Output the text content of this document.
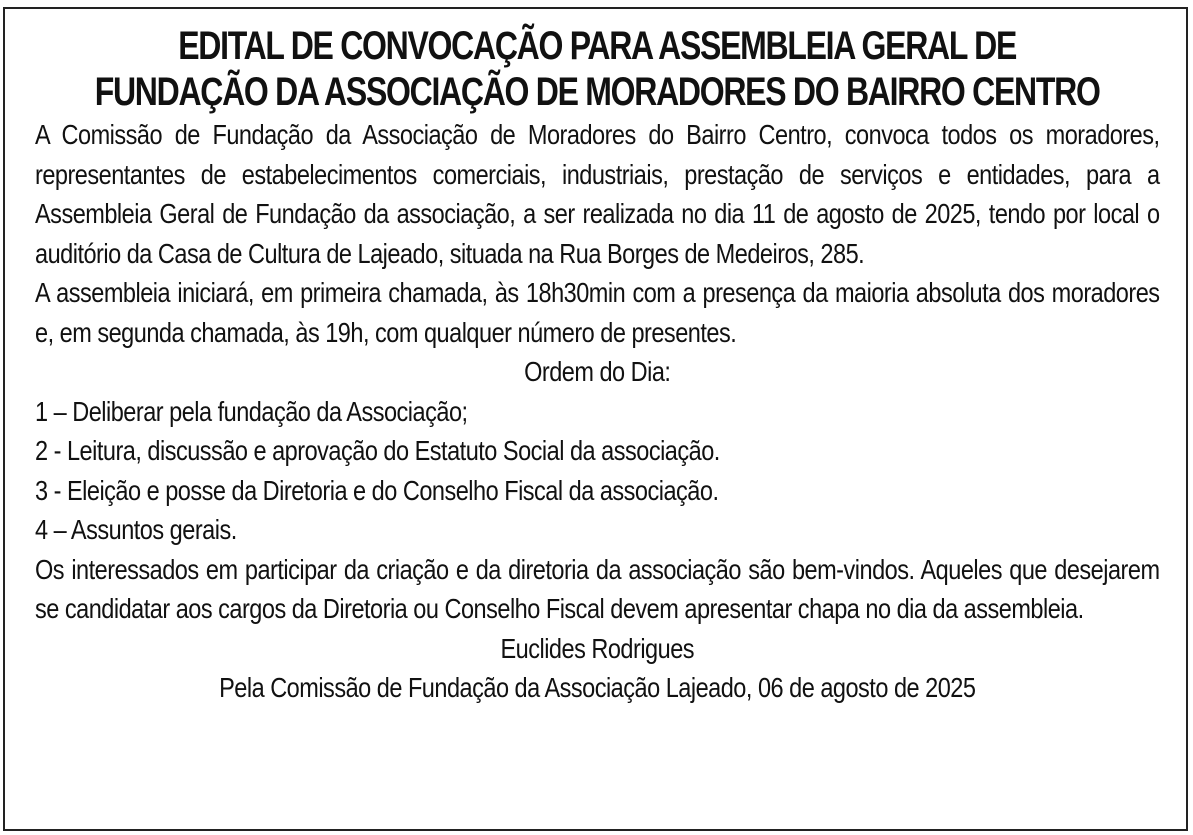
EDITAL DE CONVOCAÇÃO PARA ASSEMBLEIA GERAL DE
FUNDAÇÃO DA ASSOCIAÇÃO DE MORADORES DO BAIRRO CENTRO

A Comissão de Fundação da Associação de Moradores do Bairro Centro, convoca todos os moradores, representantes de estabelecimentos comerciais, industriais, prestação de serviços e entidades, para a Assembleia Geral de Fundação da associação, a ser realizada no dia 11 de agosto de 2025, tendo por local o auditório da Casa de Cultura de Lajeado, situada na Rua Borges de Medeiros, 285.

A assembleia iniciará, em primeira chamada, às 18h30min com a presença da maioria absoluta dos moradores e, em segunda chamada, às 19h, com qualquer número de presentes.

Ordem do Dia:

1 – Deliberar pela fundação da Associação;

2 - Leitura, discussão e aprovação do Estatuto Social da associação.

3 - Eleição e posse da Diretoria e do Conselho Fiscal da associação.

4 – Assuntos gerais.

Os interessados em participar da criação e da diretoria da associação são bem-vindos. Aqueles que desejarem se candidatar aos cargos da Diretoria ou Conselho Fiscal devem apresentar chapa no dia da assembleia.

Euclides Rodrigues

Pela Comissão de Fundação da Associação Lajeado, 06 de agosto de 2025
